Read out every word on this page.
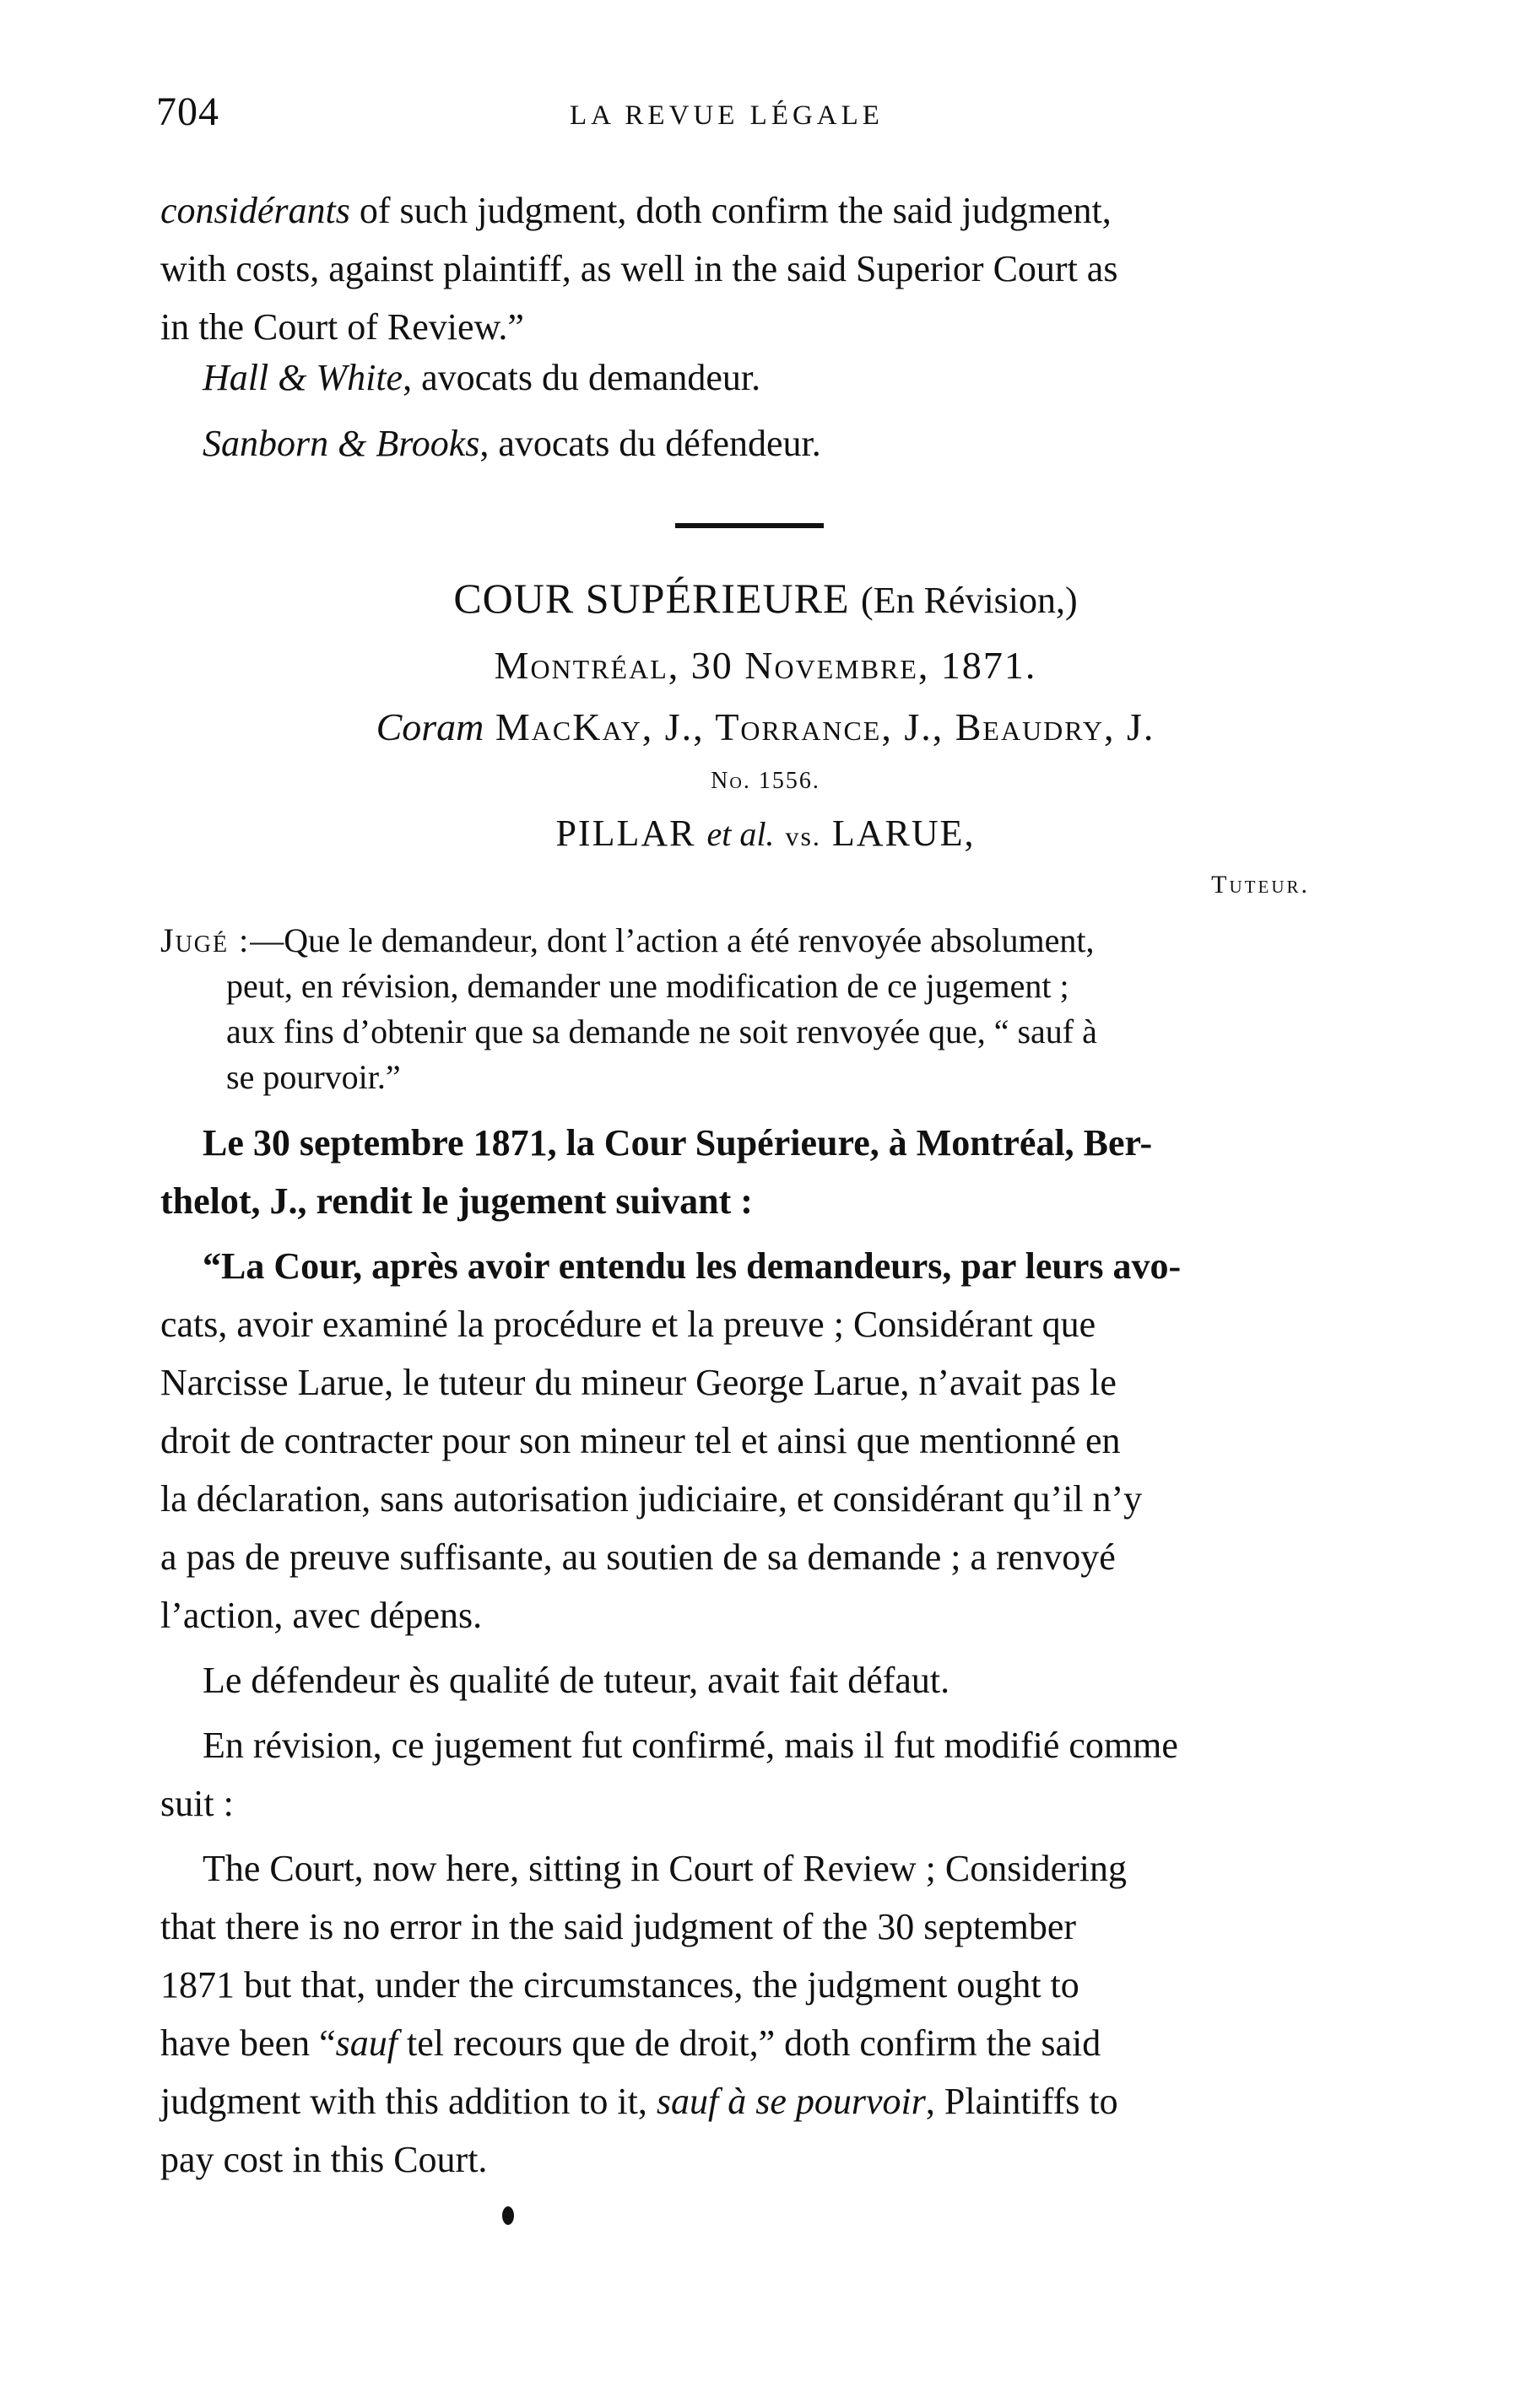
704	LA REVUE LÉGALE

considérants of such judgment, doth confirm the said judgment,

with costs, against plaintiff, as well in the said Superior Court as

in the Court of Review.”

Hall & White, avocats du demandeur.
Sanborn & Brooks, avocats du défendeur.
COUR SUPÉRIEURE (En Révision,)
Montréal, 30 Novembre, 1871.
Coram MacKay, J., Torrance, J., Beaudry, J.
No. 1556.
PILLAR et al. vs. LARUE,
Tuteur.
Jugé :—Que le demandeur, dont l’action a été renvoyée absolument,
peut, en révision, demander une modification de ce jugement ;
aux fins d’obtenir que sa demande ne soit renvoyée que, “ sauf à
se pourvoir.”

Le 30 septembre 1871, la Cour Supérieure, à Montréal, Ber-

thelot, J., rendit le jugement suivant :

“La Cour, après avoir entendu les demandeurs, par leurs avo-

cats, avoir examiné la procédure et la preuve ; Considérant que

Narcisse Larue, le tuteur du mineur George Larue, n’avait pas le

droit de contracter pour son mineur tel et ainsi que mentionné en

la déclaration, sans autorisation judiciaire, et considérant qu’il n’y

a pas de preuve suffisante, au soutien de sa demande ; a renvoyé

l’action, avec dépens.

Le défendeur ès qualité de tuteur, avait fait défaut.

En révision, ce jugement fut confirmé, mais il fut modifié comme

suit :

The Court, now here, sitting in Court of Review ; Considering

that there is no error in the said judgment of the 30 september

1871 but that, under the circumstances, the judgment ought to

have been “sauf tel recours que de droit,” doth confirm the said

judgment with this addition to it, sauf à se pourvoir, Plaintiffs to

pay cost in this Court.
